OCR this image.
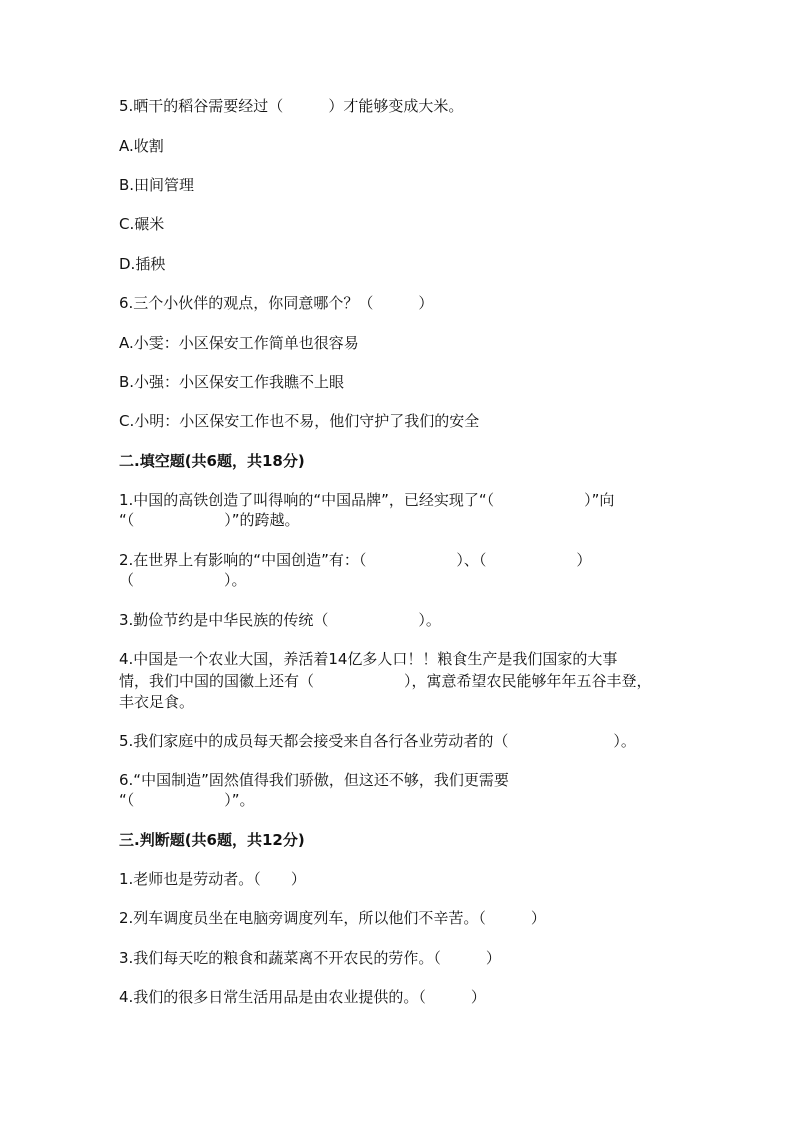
5.晒干的稻谷需要经过（　　　）才能够变成大米。
A.收割
B.田间管理
C.碾米
D.插秧
6.三个小伙伴的观点，你同意哪个？（　　　）
A.小雯：小区保安工作简单也很容易
B.小强：小区保安工作我瞧不上眼
C.小明：小区保安工作也不易，他们守护了我们的安全
二.填空题(共6题，共18分)
1.中国的高铁创造了叫得响的“中国品牌”，已经实现了“（　　　　　　）”向
“（　　　　　　）”的跨越。
2.在世界上有影响的“中国创造”有：（　　　　　　）、（　　　　　　）
（　　　　　　）。
3.勤俭节约是中华民族的传统（　　　　　　）。
4.中国是一个农业大国，养活着14亿多人口！！粮食生产是我们国家的大事
情，我们中国的国徽上还有（　　　　　　），寓意希望农民能够年年五谷丰登，
丰衣足食。
5.我们家庭中的成员每天都会接受来自各行各业劳动者的（　　　　　　　）。
6.“中国制造”固然值得我们骄傲，但这还不够，我们更需要
“（　　　　　　）”。
三.判断题(共6题，共12分)
1.老师也是劳动者。（　　）
2.列车调度员坐在电脑旁调度列车，所以他们不辛苦。（　　　）
3.我们每天吃的粮食和蔬菜离不开农民的劳作。（　　　）
4.我们的很多日常生活用品是由农业提供的。（　　　）
